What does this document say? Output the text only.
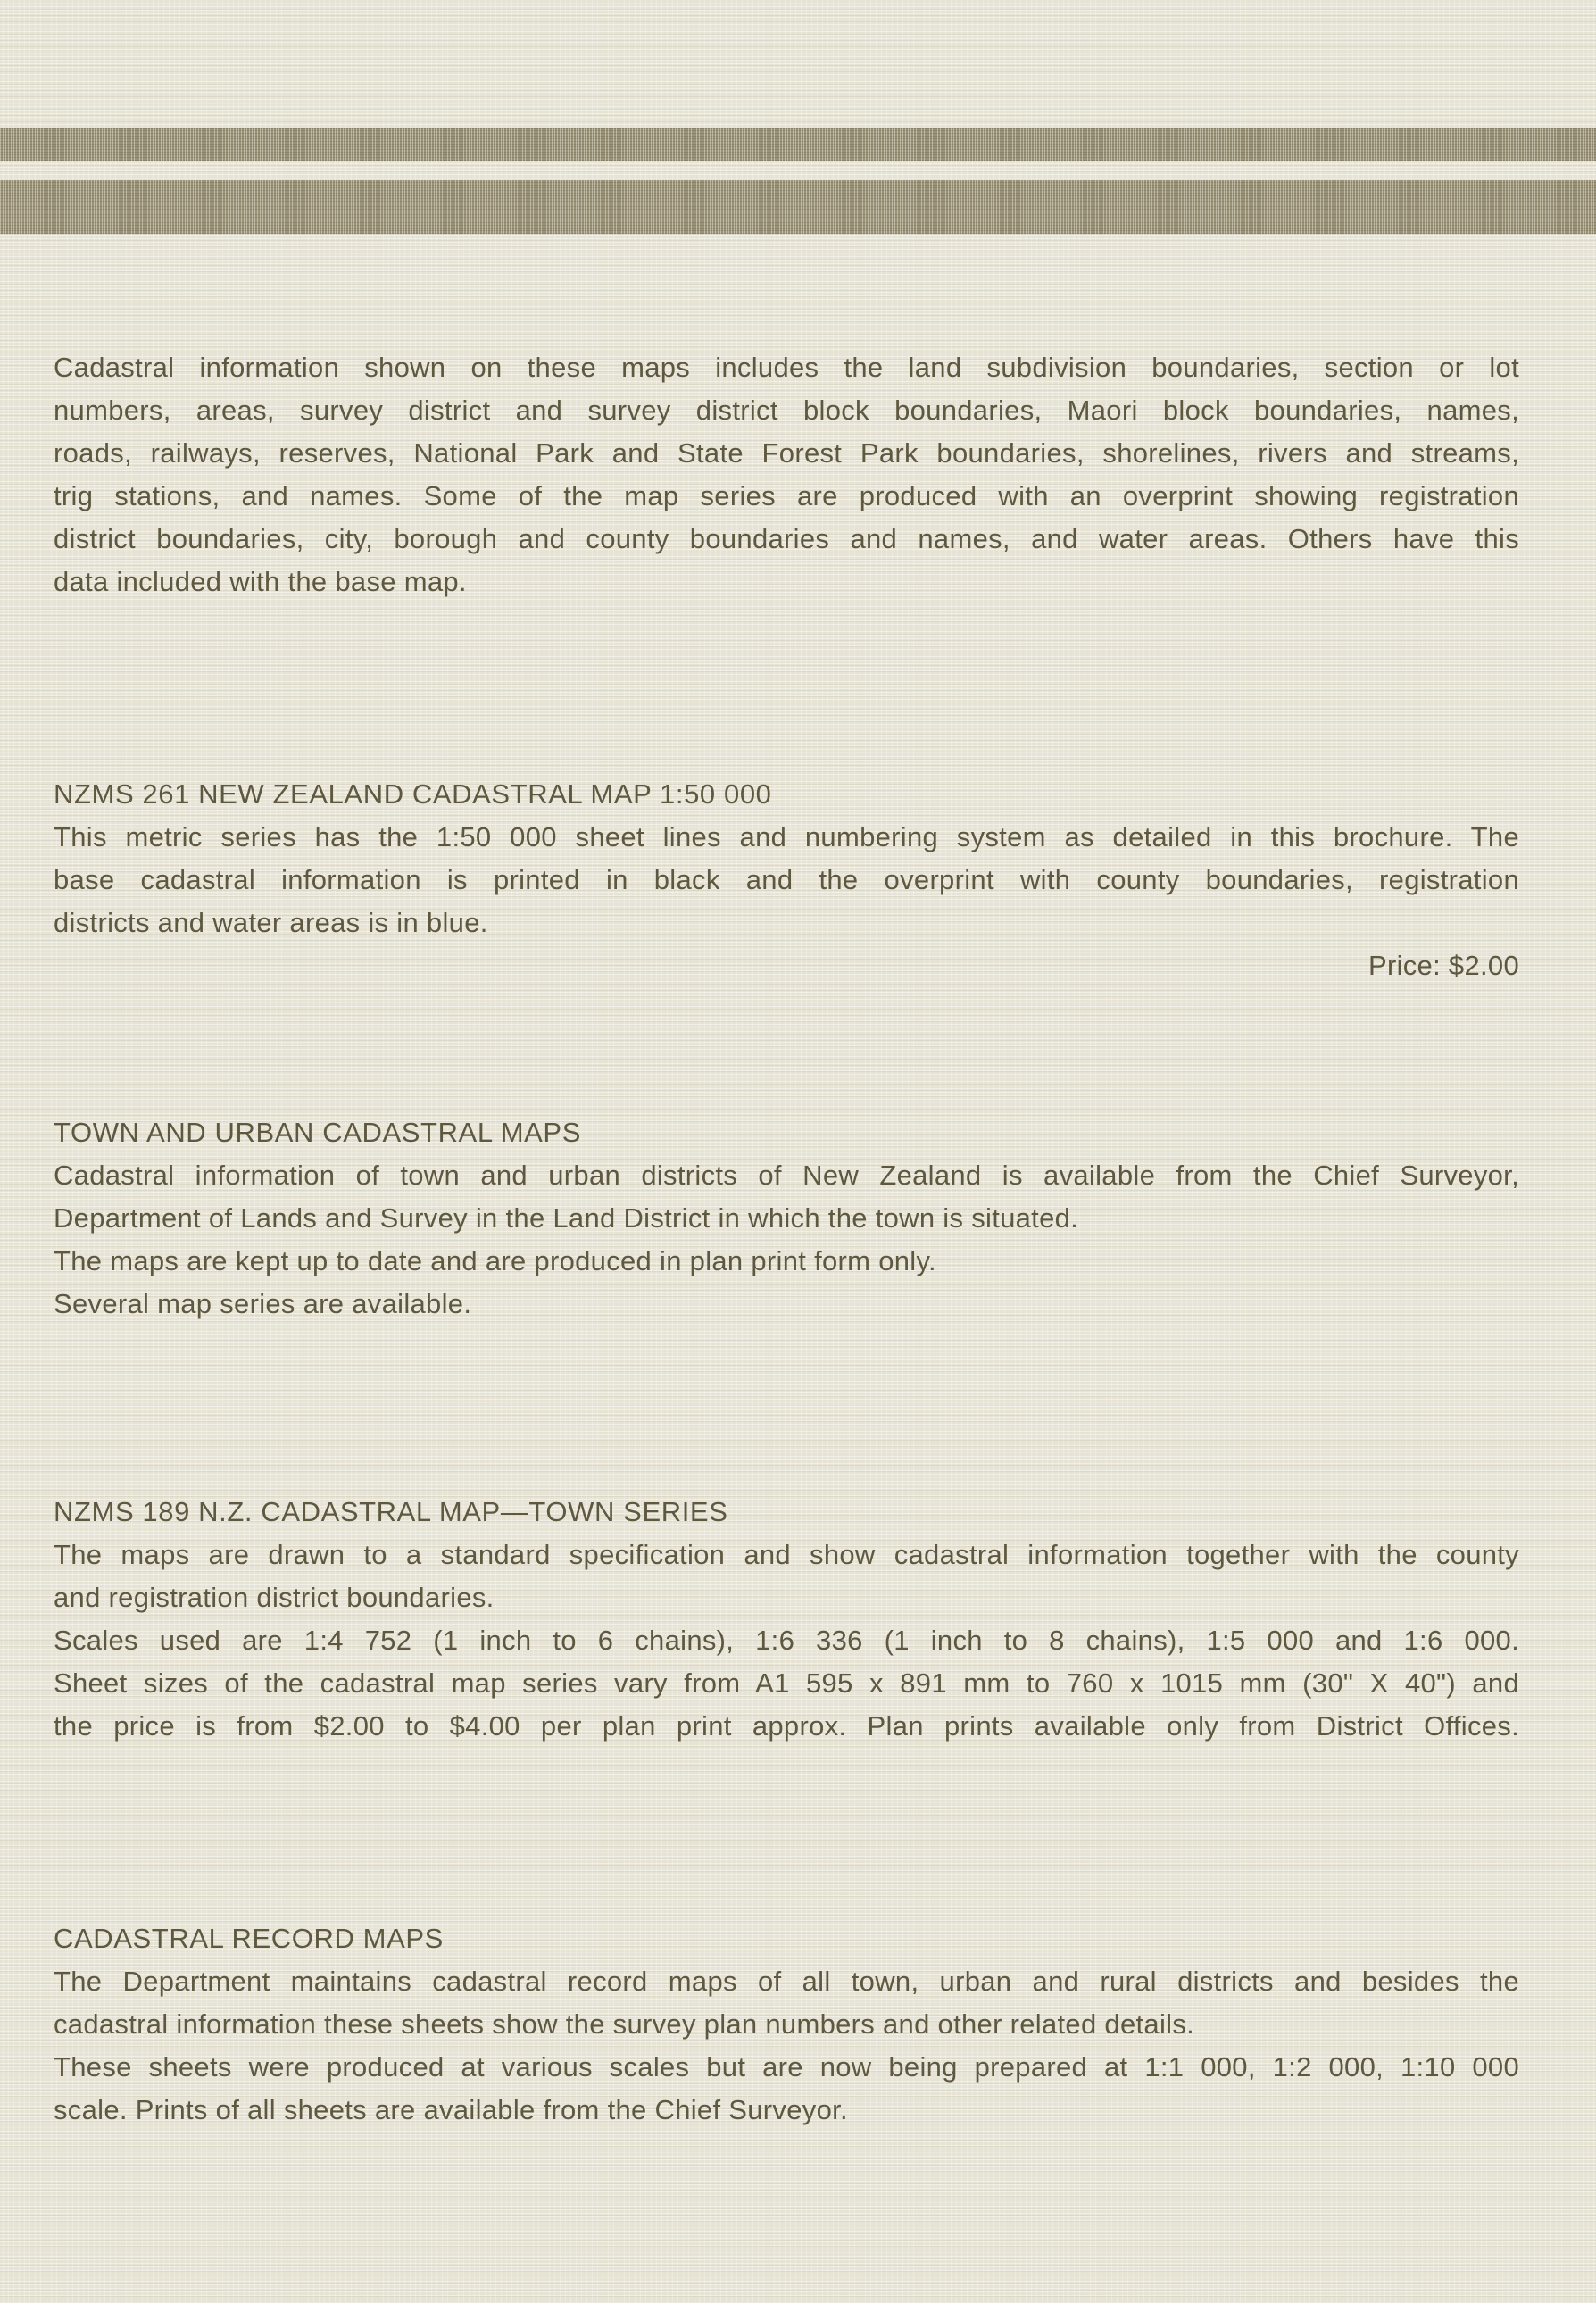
Cadastral information shown on these maps includes the land subdivision boundaries, section or lot
numbers, areas, survey district and survey district block boundaries, Maori block boundaries, names,
roads, railways, reserves, National Park and State Forest Park boundaries, shorelines, rivers and streams,
trig stations, and names. Some of the map series are produced with an overprint showing registration
district boundaries, city, borough and county boundaries and names, and water areas. Others have this
data included with the base map.
NZMS 261 NEW ZEALAND CADASTRAL MAP 1:50 000
This metric series has the 1:50 000 sheet lines and numbering system as detailed in this brochure. The
base cadastral information is printed in black and the overprint with county boundaries, registration
districts and water areas is in blue.
Price: $2.00
TOWN AND URBAN CADASTRAL MAPS
Cadastral information of town and urban districts of New Zealand is available from the Chief Surveyor,
Department of Lands and Survey in the Land District in which the town is situated.
The maps are kept up to date and are produced in plan print form only.
Several map series are available.
NZMS 189 N.Z. CADASTRAL MAP—TOWN SERIES
The maps are drawn to a standard specification and show cadastral information together with the county
and registration district boundaries.
Scales used are 1:4 752 (1 inch to 6 chains), 1:6 336 (1 inch to 8 chains), 1:5 000 and 1:6 000.
Sheet sizes of the cadastral map series vary from A1 595 x 891 mm to 760 x 1015 mm (30" X 40") and
the price is from $2.00 to $4.00 per plan print approx. Plan prints available only from District Offices.
CADASTRAL RECORD MAPS
The Department maintains cadastral record maps of all town, urban and rural districts and besides the
cadastral information these sheets show the survey plan numbers and other related details.
These sheets were produced at various scales but are now being prepared at 1:1 000, 1:2 000, 1:10 000
scale. Prints of all sheets are available from the Chief Surveyor.
